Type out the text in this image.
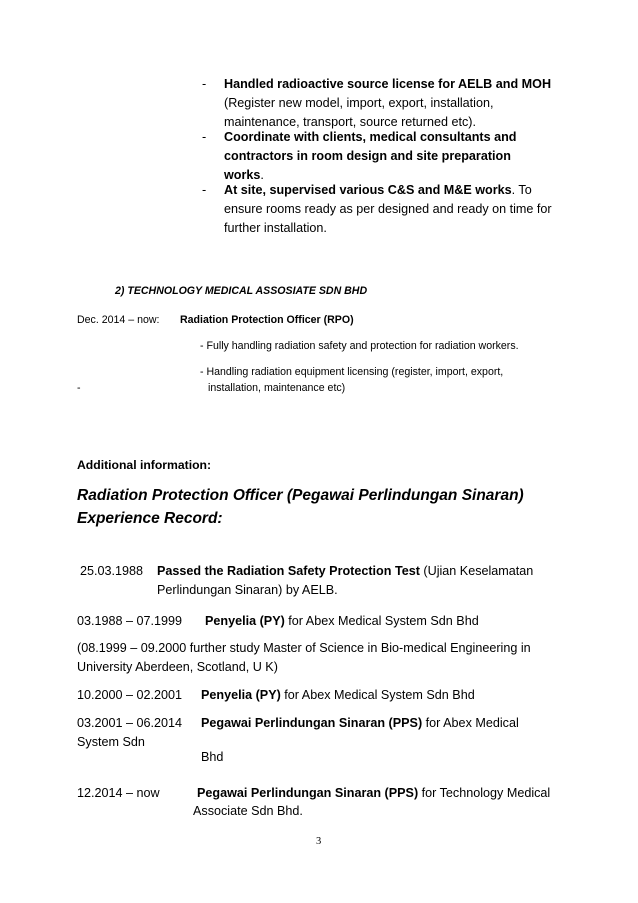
- Handled radioactive source license for AELB and MOH
(Register new model, import, export, installation,
maintenance, transport, source returned etc).
- Coordinate with clients, medical consultants and
contractors in room design and site preparation
works.
- At site, supervised various C&S and M&E works. To
ensure rooms ready as per designed and ready on time for
further installation.
2) TECHNOLOGY MEDICAL ASSOSIATE SDN BHD
Dec. 2014 – now: Radiation Protection Officer (RPO)
- Fully handling radiation safety and protection for radiation workers.
- Handling radiation equipment licensing (register, import, export,
installation, maintenance etc)
-
Additional information:
Radiation Protection Officer (Pegawai Perlindungan Sinaran)
Experience Record:
25.03.1988 Passed the Radiation Safety Protection Test (Ujian Keselamatan
Perlindungan Sinaran) by AELB.
03.1988 – 07.1999 Penyelia (PY) for Abex Medical System Sdn Bhd
(08.1999 – 09.2000 further study Master of Science in Bio-medical Engineering in
University Aberdeen, Scotland, U K)
10.2000 – 02.2001 Penyelia (PY) for Abex Medical System Sdn Bhd
03.2001 – 06.2014 Pegawai Perlindungan Sinaran (PPS) for Abex Medical
System Sdn
Bhd
12.2014 – now	Pegawai Perlindungan Sinaran (PPS) for Technology Medical
Associate Sdn Bhd.
3
